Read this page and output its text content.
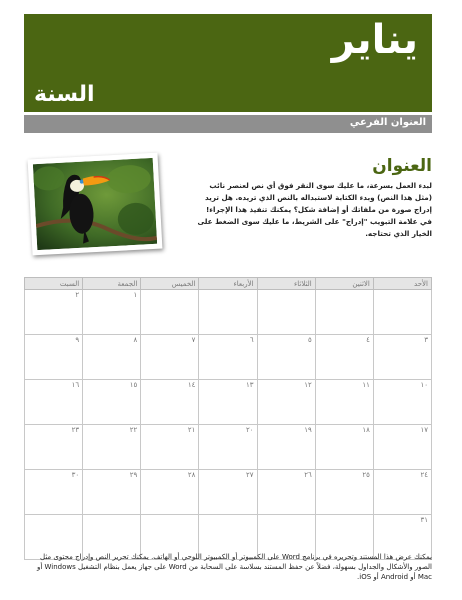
يناير
السنة
العنوان الفرعي
العنوان
لبدء العمل بسرعة، ما عليك سوى النقر فوق أي نص لعنصر نائب (مثل هذا النص) وبدء الكتابة لاستبداله بالنص الذي تريده. هل تريد إدراج صورة من ملفاتك أو إضافة شكل؟ يمكنك تنفيذ هذا الإجراء! في علامة التبويب "إدراج" على الشريط، ما عليك سوى الضغط على الخيار الذي تحتاجه.
الأحد	الاثنين	الثلاثاء	الأربعاء	الخميس	الجمعة	السبت
					١	٢
٣	٤	٥	٦	٧	٨	٩
١٠	١١	١٢	١٣	١٤	١٥	١٦
١٧	١٨	١٩	٢٠	٢١	٢٢	٢٣
٢٤	٢٥	٢٦	٢٧	٢٨	٢٩	٣٠
٣١						
يمكنك عرض هذا المستند وتحريره في برنامج Word على الكمبيوتر أو الكمبيوتر اللوحي أو الهاتف. يمكنك تحرير النص وإدراج محتوى مثل الصور والأشكال والجداول بسهولة، فضلاً عن حفظ المستند بسلاسة على السحابة من Word على جهاز يعمل بنظام التشغيل Windows أو Mac أو Android أو iOS.
